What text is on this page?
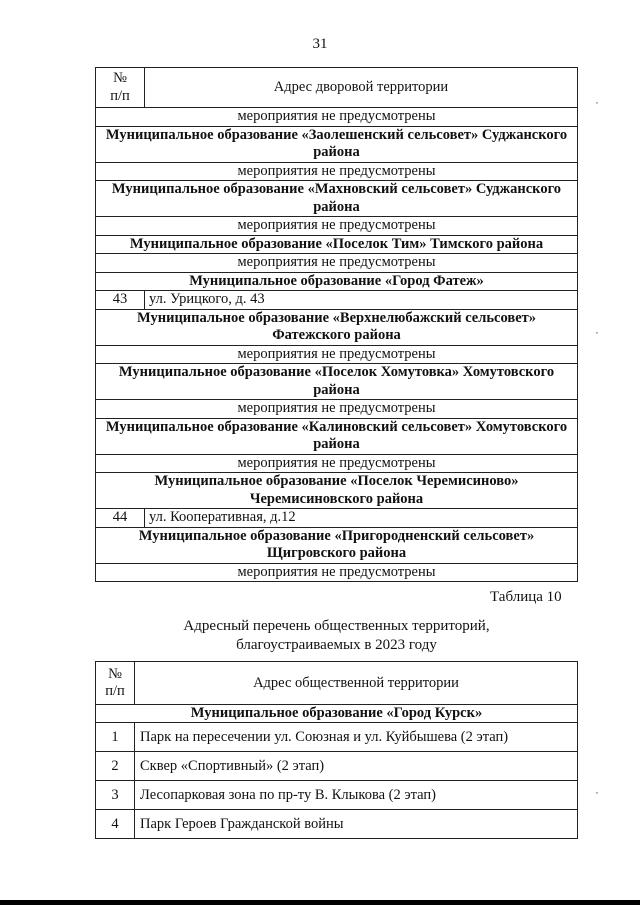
31
№
п/п	Адрес дворовой территории
мероприятия не предусмотрены	
Муниципальное образование «Заолешенский сельсовет» Суджанского района	
мероприятия не предусмотрены	
Муниципальное образование «Махновский сельсовет» Суджанского района	
мероприятия не предусмотрены	
Муниципальное образование «Поселок Тим» Тимского района	
мероприятия не предусмотрены	
Муниципальное образование «Город Фатеж»	
43	ул. Урицкого, д. 43
Муниципальное образование «Верхнелюбажский сельсовет» Фатежского района	
мероприятия не предусмотрены	
Муниципальное образование «Поселок Хомутовка» Хомутовского района	
мероприятия не предусмотрены	
Муниципальное образование «Калиновский сельсовет» Хомутовского района	
мероприятия не предусмотрены	
Муниципальное образование «Поселок Черемисиново» Черемисиновского района	
44	ул. Кооперативная, д.12
Муниципальное образование «Пригородненский сельсовет» Щигровского района	
мероприятия не предусмотрены	
Таблица 10
Адресный перечень общественных территорий,
благоустраиваемых в 2023 году
№
п/п	Адрес общественной территории
Муниципальное образование «Город Курск»	
1	Парк на пересечении ул. Союзная и ул. Куйбышева (2 этап)
2	Сквер «Спортивный» (2 этап)
3	Лесопарковая зона по пр-ту В. Клыкова (2 этап)
4	Парк Героев Гражданской войны
,
,
,
